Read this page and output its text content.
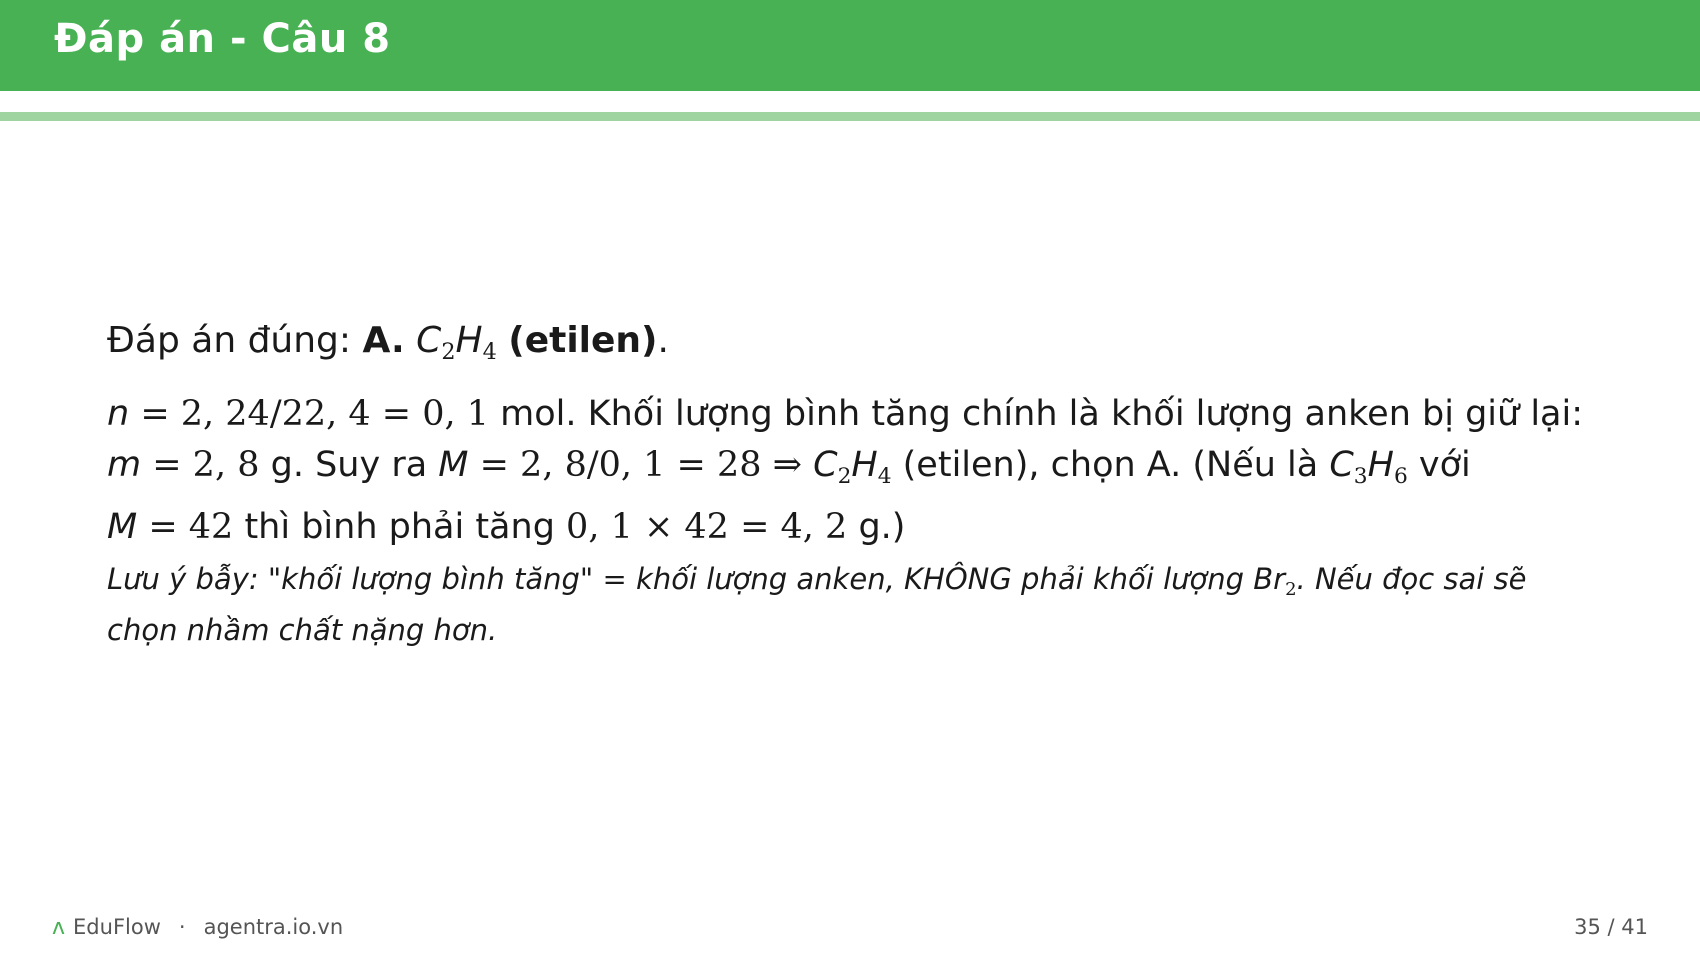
Đáp án - Câu 8
Đáp án đúng: A. $C_2H_4$ (etilen).
n = 2, 24/22, 4 = 0, 1 mol. Khối lượng bình tăng chính là khối lượng anken bị giữ lại:
m = 2, 8 g. Suy ra M = 2, 8/0, 1 = 28 ⇒ $C_2H_4$ (etilen), chọn A. (Nếu là $C_3H_6$ với
M = 42 thì bình phải tăng 0, 1 × 42 = 4, 2 g.)
Lưu ý bẫy: "khối lượng bình tăng" = khối lượng anken, KHÔNG phải khối lượng $Br_2$. Nếu đọc sai sẽ
chọn nhầm chất nặng hơn.
ʌ EduFlow · agentra.io.vn	35 / 41
